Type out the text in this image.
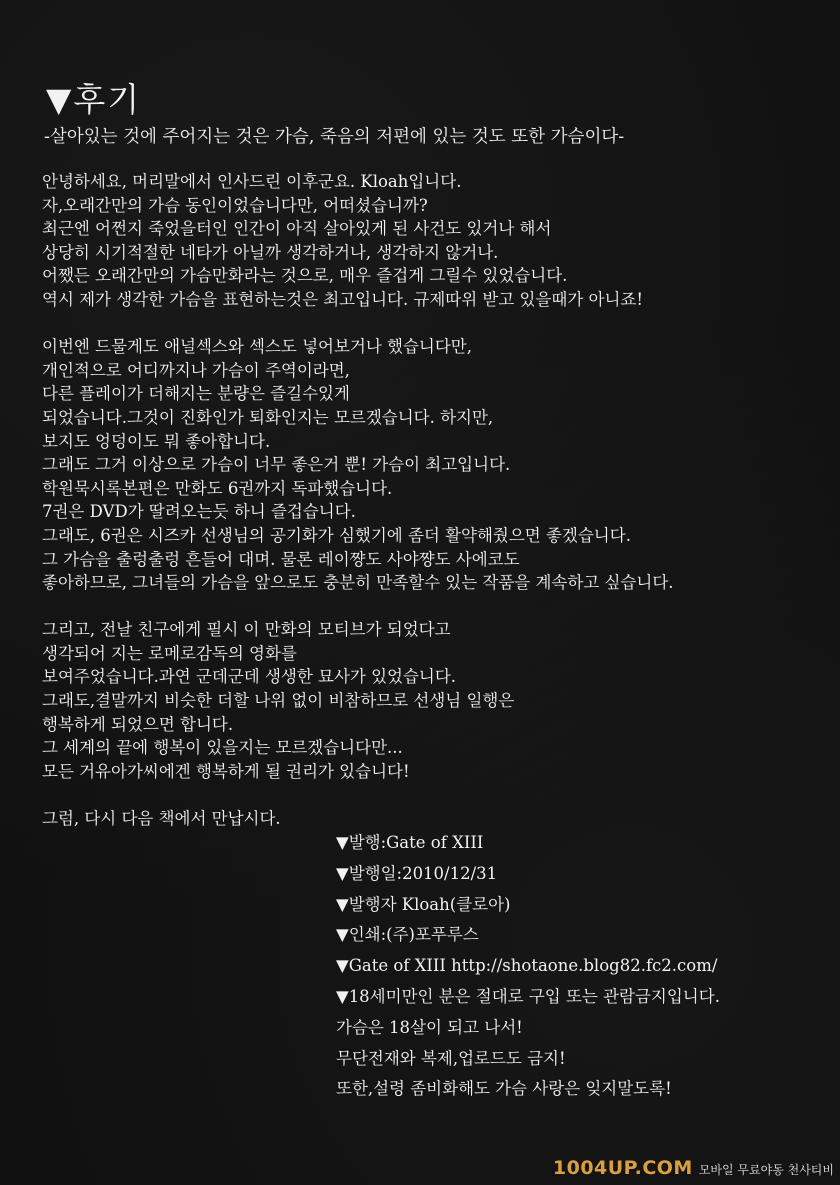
▼후기
-살아있는 것에 주어지는 것은 가슴, 죽음의 저편에 있는 것도 또한 가슴이다-
안녕하세요, 머리말에서 인사드린 이후군요. Kloah입니다.
자,오래간만의 가슴 동인이었습니다만, 어떠셨습니까?
최근엔 어쩐지 죽었을터인 인간이 아직 살아있게 된 사건도 있거나 해서
상당히 시기적절한 네타가 아닐까 생각하거나, 생각하지 않거나.
어쨌든 오래간만의 가슴만화라는 것으로, 매우 즐겁게 그릴수 있었습니다.
역시 제가 생각한 가슴을 표현하는것은 최고입니다. 규제따위 받고 있을때가 아니죠!
이번엔 드물게도 애널섹스와 섹스도 넣어보거나 했습니다만,
개인적으로 어디까지나 가슴이 주역이라면,
다른 플레이가 더해지는 분량은 즐길수있게
되었습니다.그것이 진화인가 퇴화인지는 모르겠습니다. 하지만,
보지도 엉덩이도 뭐 좋아합니다.
그래도 그거 이상으로 가슴이 너무 좋은거 뿐! 가슴이 최고입니다.
학원묵시록본편은 만화도 6권까지 독파했습니다.
7권은 DVD가 딸려오는듯 하니 즐겁습니다.
그래도, 6권은 시즈카 선생님의 공기화가 심했기에 좀더 활약해줬으면 좋겠습니다.
그 가슴을 출렁출렁 흔들어 대며. 물론 레이쨩도 사야쨩도 사에코도
좋아하므로, 그녀들의 가슴을 앞으로도 충분히 만족할수 있는 작품을 계속하고 싶습니다.
그리고, 전날 친구에게 필시 이 만화의 모티브가 되었다고
생각되어 지는 로메로감독의 영화를
보여주었습니다.과연 군데군데 생생한 묘사가 있었습니다.
그래도,결말까지 비슷한 더할 나위 없이 비참하므로 선생님 일행은
행복하게 되었으면 합니다.
그 세계의 끝에 행복이 있을지는 모르겠습니다만...
모든 거유아가씨에겐 행복하게 될 권리가 있습니다!
그럼, 다시 다음 책에서 만납시다.
▼발행:Gate of XIII
▼발행일:2010/12/31
▼발행자 Kloah(클로아)
▼인쇄:(주)포푸루스
▼Gate of XIII http://shotaone.blog82.fc2.com/
▼18세미만인 분은 절대로 구입 또는 관람금지입니다.
가슴은 18살이 되고 나서!
무단전재와 복제,업로드도 금지!
또한,설령 좀비화해도 가슴 사랑은 잊지말도록!
1004UP.COM 모바일 무료야동 천사티비
